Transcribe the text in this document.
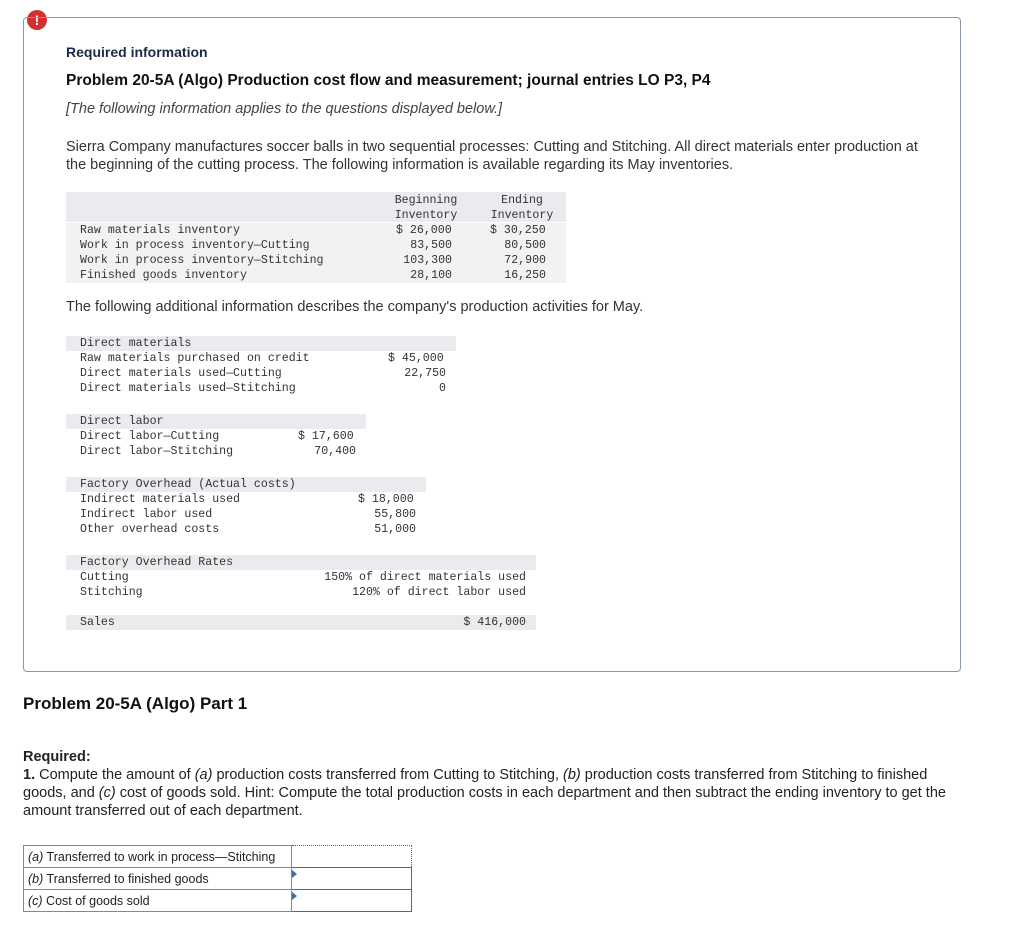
!
Required information
Problem 20-5A (Algo) Production cost flow and measurement; journal entries LO P3, P4
[The following information applies to the questions displayed below.]
Sierra Company manufactures soccer balls in two sequential processes: Cutting and Stitching. All direct materials enter production at the beginning of the cutting process. The following information is available regarding its May inventories.
Beginning
Inventory
Ending
Inventory
Raw materials inventory	$ 26,000	$ 30,250
Work in process inventory—Cutting	83,500	80,500
Work in process inventory—Stitching	103,300	72,900
Finished goods inventory	28,100	16,250
The following additional information describes the company's production activities for May.
Direct materials
Raw materials purchased on credit	$ 45,000
Direct materials used—Cutting	22,750
Direct materials used—Stitching	0
Direct labor
Direct labor—Cutting	$ 17,600
Direct labor—Stitching	70,400
Factory Overhead (Actual costs)
Indirect materials used	$ 18,000
Indirect labor used	55,800
Other overhead costs	51,000
Factory Overhead Rates
Cutting	150% of direct materials used
Stitching	120% of direct labor used
Sales	$ 416,000
Problem 20-5A (Algo) Part 1
Required:
1. Compute the amount of (a) production costs transferred from Cutting to Stitching, (b) production costs transferred from Stitching to finished goods, and (c) cost of goods sold. Hint: Compute the total production costs in each department and then subtract the ending inventory to get the amount transferred out of each department.
(a) Transferred to work in process—Stitching	
(b) Transferred to finished goods	

(c) Cost of goods sold	
